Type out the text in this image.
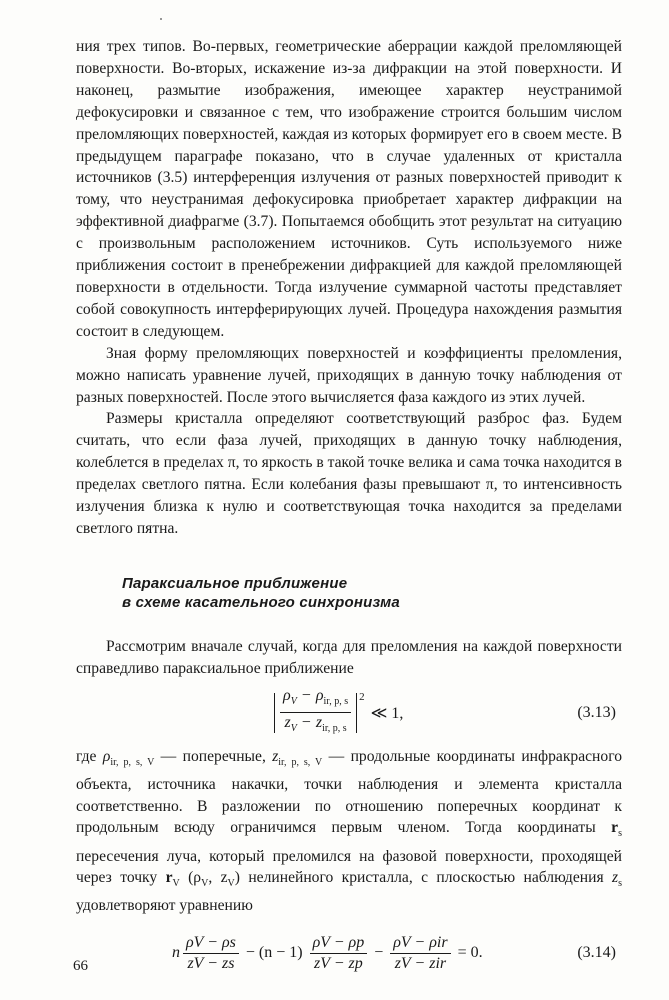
ния трех типов. Во-первых, геометрические аберрации каждой преломляющей поверхности. Во-вторых, искажение из-за дифракции на этой поверхности. И наконец, размытие изображения, имеющее характер неустранимой дефокусировки и связанное с тем, что изображение строится большим числом преломляющих поверхностей, каждая из которых формирует его в своем месте. В предыдущем параграфе показано, что в случае удаленных от кристалла источников (3.5) интерференция излучения от разных поверхностей приводит к тому, что неустранимая дефокусировка приобретает характер дифракции на эффективной диафрагме (3.7). Попытаемся обобщить этот результат на ситуацию с произвольным расположением источников. Суть используемого ниже приближения состоит в пренебрежении дифракцией для каждой преломляющей поверхности в отдельности. Тогда излучение суммарной частоты представляет собой совокупность интерферирующих лучей. Процедура нахождения размытия состоит в следующем.

Зная форму преломляющих поверхностей и коэффициенты преломления, можно написать уравнение лучей, приходящих в данную точку наблюдения от разных поверхностей. После этого вычисляется фаза каждого из этих лучей.

Размеры кристалла определяют соответствующий разброс фаз. Будем считать, что если фаза лучей, приходящих в данную точку наблюдения, колеблется в пределах π, то яркость в такой точке велика и сама точка находится в пределах светлого пятна. Если колебания фазы превышают π, то интенсивность излучения близка к нулю и соответствующая точка находится за пределами светлого пятна.

Параксиальное приближение
в схеме касательного синхронизма

Рассмотрим вначале случай, когда для преломления на каждой поверхности справедливо параксиальное приближение

$\frac{\rho_V - \rho_{ir, p, s}}{z_V - z_{ir, p, s}} 2$
≪ 1,	(3.13)

где $\rho_{ir, p, s, V}$ — поперечные, $z_{ir, p, s, V}$ — продольные координаты инфракрасного объекта, источника накачки, точки наблюдения и элемента кристалла соответственно. В разложении по отношению поперечных координат к продольным всюду ограничимся первым членом. Тогда координаты $r_s$ пересечения луча, который преломился на фазовой поверхности, проходящей через точку $r_V$ ($\rho_V$, $z_V$) нелинейного кристалла, с плоскостью наблюдения $z_s$ удовлетворяют уравнению

n $\frac{\rho V - \rho s}{zV - zs} - (n - 1) \frac{\rho V - \rho p}{zV - zp} - \frac{\text{ρV − ρir}}{\text{zV − zir}} = 0$.	(3.14)
66
